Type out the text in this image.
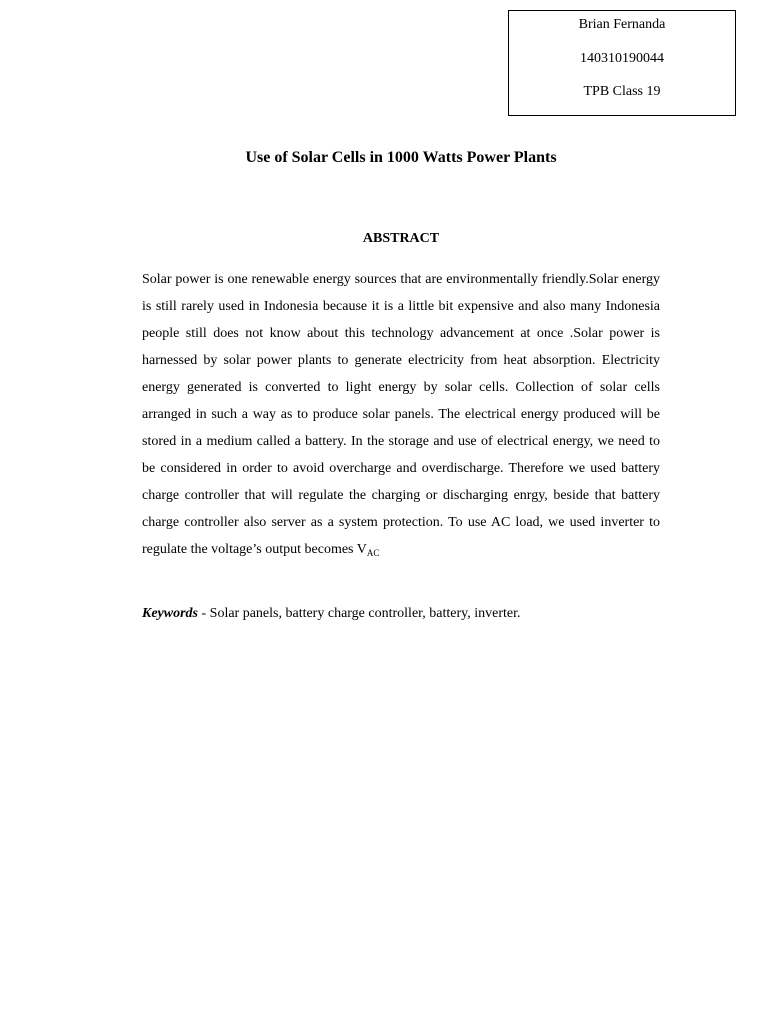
Brian Fernanda
140310190044
TPB Class 19
Use of Solar Cells in 1000 Watts Power Plants
ABSTRACT

Solar power is one renewable energy sources that are environmentally friendly.Solar energy is still rarely used in Indonesia because it is a little bit expensive and also many Indonesia people still does not know about this technology advancement at once .Solar power is harnessed by solar power plants to generate electricity from heat absorption. Electricity energy generated is converted to light energy by solar cells. Collection of solar cells arranged in such a way as to produce solar panels. The electrical energy produced will be stored in a medium called a battery. In the storage and use of electrical energy, we need to be considered in order to avoid overcharge and overdischarge. Therefore we used battery charge controller that will regulate the charging or discharging enrgy, beside that battery charge controller also server as a system protection. To use AC load, we used inverter to regulate the voltage’s output becomes $V_{AC}$

Keywords - Solar panels, battery charge controller, battery, inverter.
